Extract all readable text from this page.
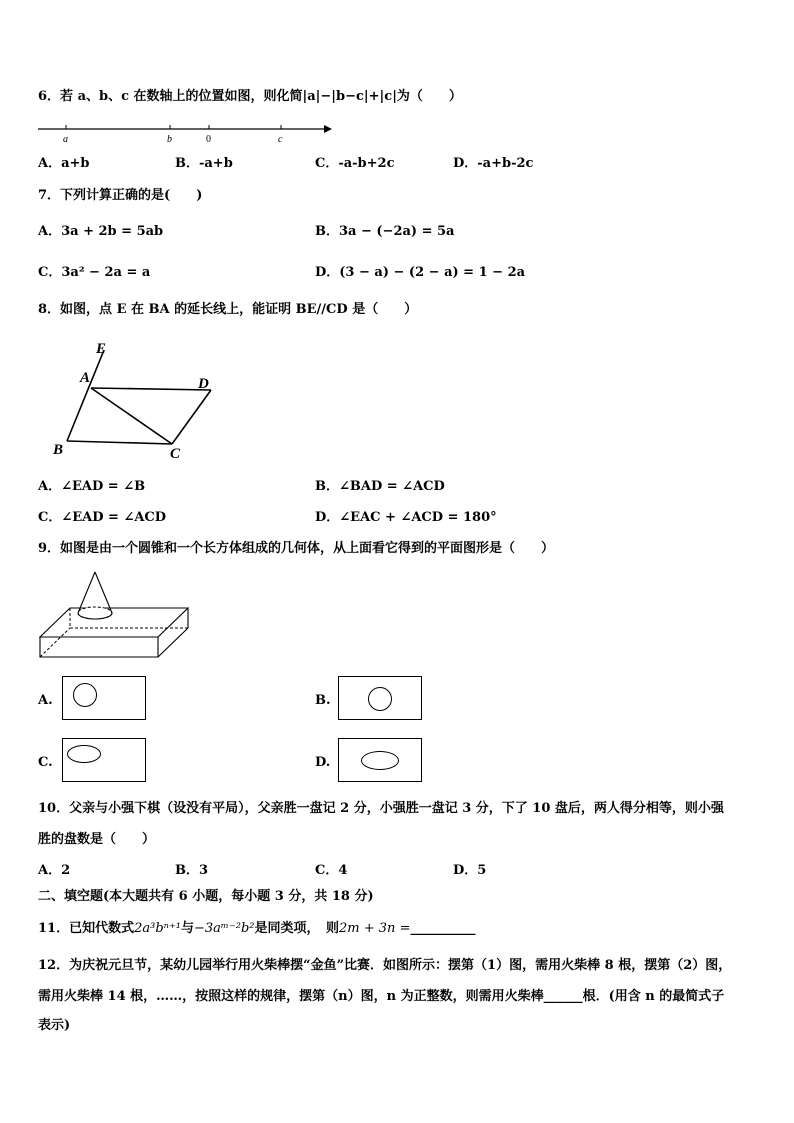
6．若 a、b、c 在数轴上的位置如图，则化简|a|−|b−c|+|c|为（　　）
a	b	0	c
A．a+b	B．-a+b	C．-a-b+2c	D．-a+b-2c
7．下列计算正确的是(　　)
A．3a + 2b = 5ab	B．3a − (−2a) = 5a
C．3a² − 2a = a	D．(3 − a) − (2 − a) = 1 − 2a
8．如图，点 E 在 BA 的延长线上，能证明 BE//CD 是（　　）
E
A	D
B	C
A．∠EAD = ∠B	B．∠BAD = ∠ACD
C．∠EAD = ∠ACD	D．∠EAC + ∠ACD = 180°
9．如图是由一个圆锥和一个长方体组成的几何体，从上面看它得到的平面图形是（　　）
A.	B.
C.	D.
10．父亲与小强下棋（设没有平局），父亲胜一盘记 2 分，小强胜一盘记 3 分，下了 10 盘后，两人得分相等，则小强
胜的盘数是（　　）
A．2	B．3	C．4	D．5
二、填空题(本大题共有 6 小题，每小题 3 分，共 18 分)
11．已知代数式2a³bⁿ⁺¹与−3aᵐ⁻²b²是同类项，　则2m + 3n =__________
12．为庆祝元旦节，某幼儿园举行用火柴棒摆“金鱼”比赛．如图所示：摆第（1）图，需用火柴棒 8 根，摆第（2）图，
需用火柴棒 14 根，……，按照这样的规律，摆第（n）图，n 为正整数，则需用火柴棒______根．(用含 n 的最简式子
表示)
